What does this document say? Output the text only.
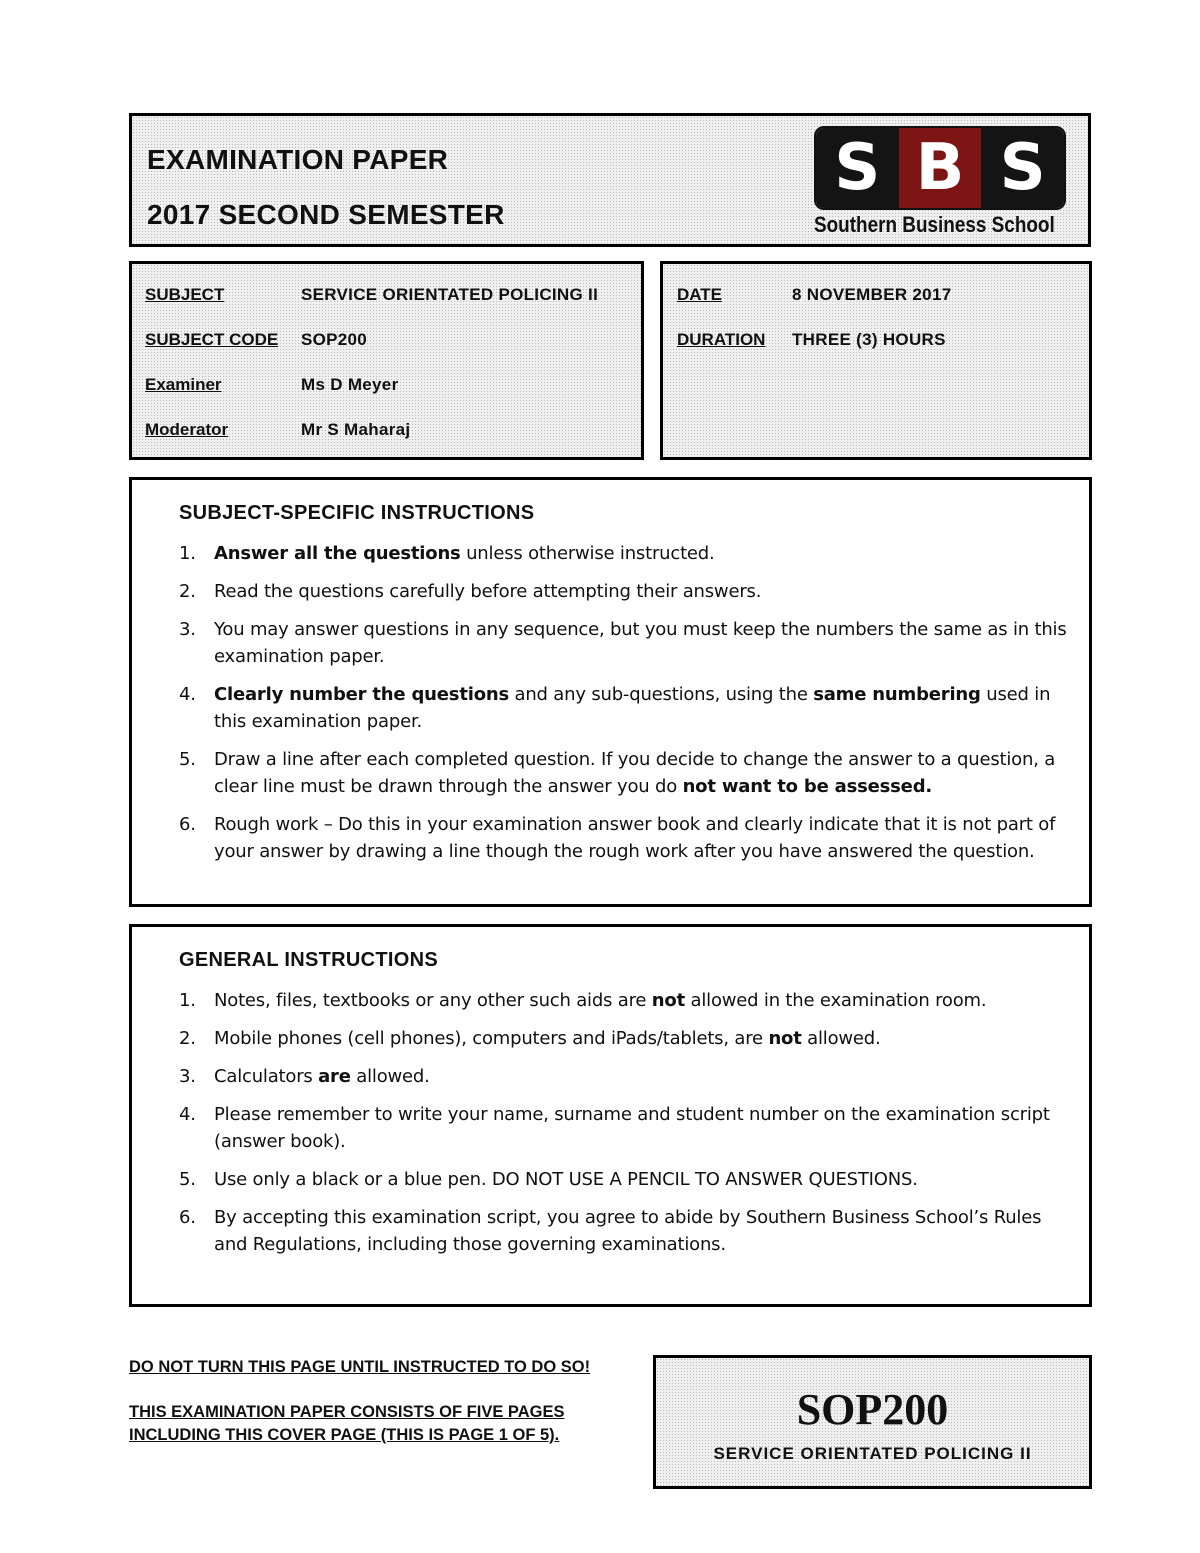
EXAMINATION PAPER
2017 SECOND SEMESTER
S B S
Southern Business School
SUBJECT	SERVICE ORIENTATED POLICING II
SUBJECT CODE SOP200
Examiner	Ms D Meyer
Moderator	Mr S Maharaj
DATE	8 NOVEMBER 2017
DURATION THREE (3) HOURS
SUBJECT-SPECIFIC INSTRUCTIONS
1.	Answer all the questions unless otherwise instructed.
2.	Read the questions carefully before attempting their answers.
3.	You may answer questions in any sequence, but you must keep the numbers the same as in this examination paper.
4.	Clearly number the questions and any sub-questions, using the same numbering used in this examination paper.
5.	Draw a line after each completed question. If you decide to change the answer to a question, a clear line must be drawn through the answer you do not want to be assessed.
6.	Rough work – Do this in your examination answer book and clearly indicate that it is not part of your answer by drawing a line though the rough work after you have answered the question.
GENERAL INSTRUCTIONS
1.	Notes, files, textbooks or any other such aids are not allowed in the examination room.
2.	Mobile phones (cell phones), computers and iPads/tablets, are not allowed.
3.	Calculators are allowed.
4.	Please remember to write your name, surname and student number on the examination script (answer book).
5.	Use only a black or a blue pen. DO NOT USE A PENCIL TO ANSWER QUESTIONS.
6.	By accepting this examination script, you agree to abide by Southern Business School’s Rules and Regulations, including those governing examinations.
DO NOT TURN THIS PAGE UNTIL INSTRUCTED TO DO SO!
THIS EXAMINATION PAPER CONSISTS OF FIVE PAGES
INCLUDING THIS COVER PAGE (THIS IS PAGE 1 OF 5).
SOP200
SERVICE ORIENTATED POLICING II
